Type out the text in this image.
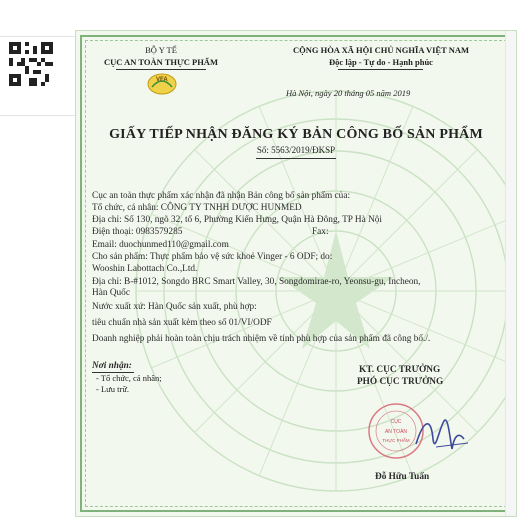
BỘ Y TẾ
CỤC AN TOÀN THỰC PHẨM
VFA
CỘNG HÒA XÃ HỘI CHỦ NGHĨA VIỆT NAM
Độc lập - Tự do - Hạnh phúc
Hà Nội, ngày 20 tháng 05 năm 2019
GIẤY TIẾP NHẬN ĐĂNG KÝ BẢN CÔNG BỐ SẢN PHẨM
Số: 5563/2019/ĐKSP
Cục an toàn thực phẩm xác nhận đã nhận Bản công bố sản phẩm của:
Tổ chức, cá nhân: CÔNG TY TNHH DƯỢC HUNMED
Địa chỉ: Số 130, ngõ 32, tổ 6, Phường Kiến Hưng, Quận Hà Đông, TP Hà Nội
Điện thoại: 0983579285	Fax:
Email: duochunmed110@gmail.com
Cho sản phẩm: Thực phẩm bảo vệ sức khoẻ Vinger - 6 ODF; do:
Wooshin Labottach Co.,Ltd.
Địa chỉ: B-#1012, Songdo BRC Smart Valley, 30, Songdomirae-ro, Yeonsu-gu, Incheon,
Hàn Quốc
Nước xuất xứ: Hàn Quốc sản xuất, phù hợp:
tiêu chuẩn nhà sản xuất kèm theo số 01/VI/ODF
Doanh nghiệp phải hoàn toàn chịu trách nhiệm về tính phù hợp của sản phẩm đã công bố./.
Nơi nhận:
- Tổ chức, cá nhân;
- Lưu trữ.
KT. CỤC TRƯỞNG
PHÓ CỤC TRƯỞNG
CỤC
AN TOÀN
THỰC PHẨM
Đỗ Hữu Tuấn
